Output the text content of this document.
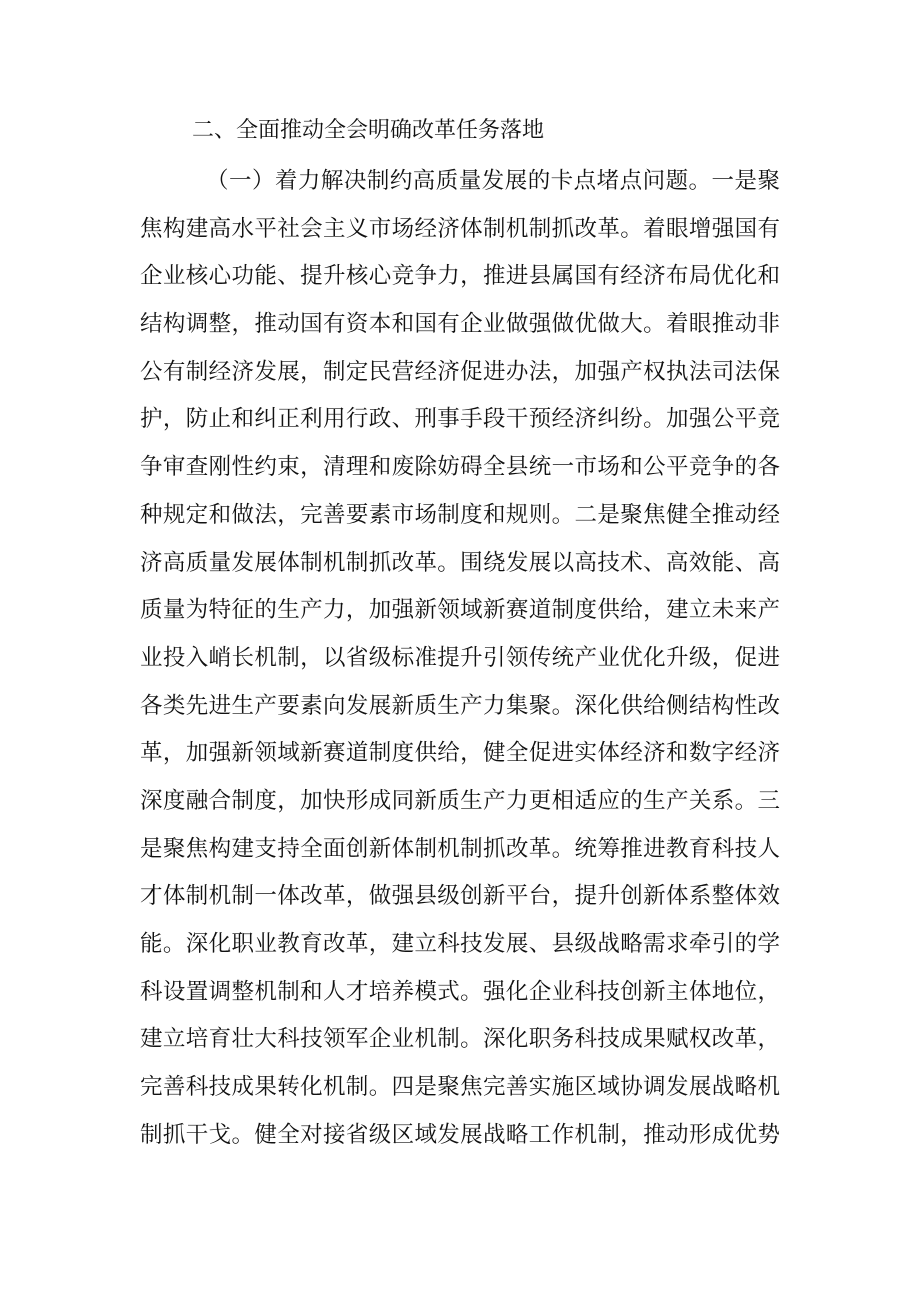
二、全面推动全会明确改革任务落地
（一）着力解决制约高质量发展的卡点堵点问题。一是聚
焦构建高水平社会主义市场经济体制机制抓改革。着眼增强国有
企业核心功能、提升核心竞争力，推进县属国有经济布局优化和
结构调整，推动国有资本和国有企业做强做优做大。着眼推动非
公有制经济发展，制定民营经济促进办法，加强产权执法司法保
护，防止和纠正利用行政、刑事手段干预经济纠纷。加强公平竞
争审查刚性约束，清理和废除妨碍全县统一市场和公平竞争的各
种规定和做法，完善要素市场制度和规则。二是聚焦健全推动经
济高质量发展体制机制抓改革。围绕发展以高技术、高效能、高
质量为特征的生产力，加强新领域新赛道制度供给，建立未来产
业投入峭长机制，以省级标准提升引领传统产业优化升级，促进
各类先进生产要素向发展新质生产力集聚。深化供给侧结构性改
革，加强新领域新赛道制度供给，健全促进实体经济和数字经济
深度融合制度，加快形成同新质生产力更相适应的生产关系。三
是聚焦构建支持全面创新体制机制抓改革。统筹推进教育科技人
才体制机制一体改革，做强县级创新平台，提升创新体系整体效
能。深化职业教育改革，建立科技发展、县级战略需求牵引的学
科设置调整机制和人才培养模式。强化企业科技创新主体地位，
建立培育壮大科技领军企业机制。深化职务科技成果赋权改革，
完善科技成果转化机制。四是聚焦完善实施区域协调发展战略机
制抓干戈。健全对接省级区域发展战略工作机制，推动形成优势
